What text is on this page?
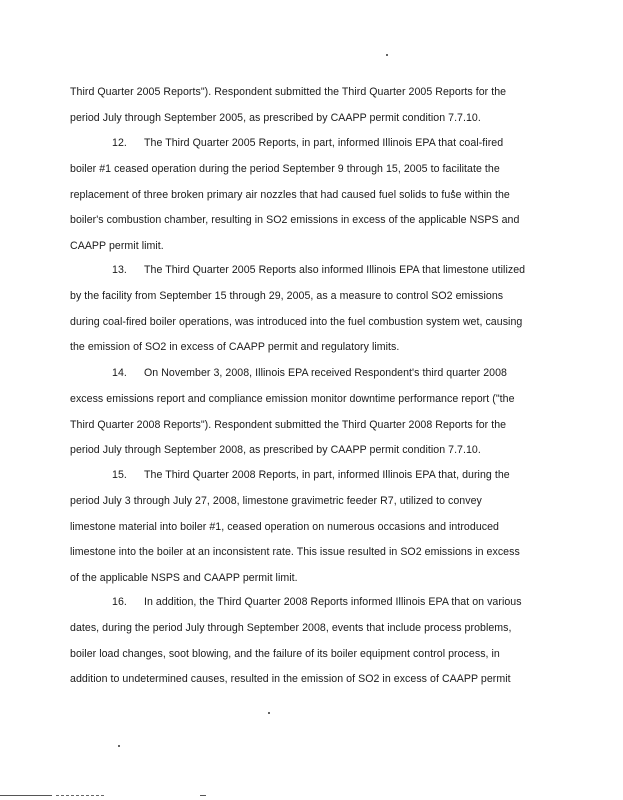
Third Quarter 2005 Reports"). Respondent submitted the Third Quarter 2005 Reports for the
period July through September 2005, as prescribed by CAAPP permit condition 7.7.10.
12. The Third Quarter 2005 Reports, in part, informed Illinois EPA that coal-fired
boiler #1 ceased operation during the period September 9 through 15, 2005 to facilitate the
replacement of three broken primary air nozzles that had caused fuel solids to fuse within the
boiler's combustion chamber, resulting in SO2 emissions in excess of the applicable NSPS and
CAAPP permit limit.
13. The Third Quarter 2005 Reports also informed Illinois EPA that limestone utilized
by the facility from September 15 through 29, 2005, as a measure to control SO2 emissions
during coal-fired boiler operations, was introduced into the fuel combustion system wet, causing
the emission of SO2 in excess of CAAPP permit and regulatory limits.
14. On November 3, 2008, Illinois EPA received Respondent's third quarter 2008
excess emissions report and compliance emission monitor downtime performance report ("the
Third Quarter 2008 Reports"). Respondent submitted the Third Quarter 2008 Reports for the
period July through September 2008, as prescribed by CAAPP permit condition 7.7.10.
15. The Third Quarter 2008 Reports, in part, informed Illinois EPA that, during the
period July 3 through July 27, 2008, limestone gravimetric feeder R7, utilized to convey
limestone material into boiler #1, ceased operation on numerous occasions and introduced
limestone into the boiler at an inconsistent rate. This issue resulted in SO2 emissions in excess
of the applicable NSPS and CAAPP permit limit.
16. In addition, the Third Quarter 2008 Reports informed Illinois EPA that on various
dates, during the period July through September 2008, events that include process problems,
boiler load changes, soot blowing, and the failure of its boiler equipment control process, in
addition to undetermined causes, resulted in the emission of SO2 in excess of CAAPP permit
